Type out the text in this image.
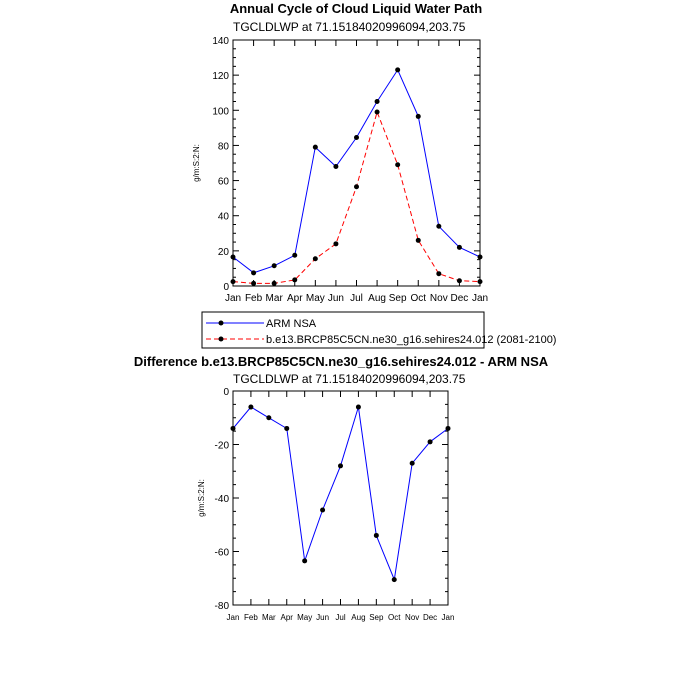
Annual Cycle of Cloud Liquid Water Path
TGCLDLWP at 71.15184020996094,203.75
g/m:S:2:N:
0
20
40
60
80
100
120
140
Jan Feb Mar Apr May Jun Jul Aug Sep Oct Nov Dec Jan
ARM NSA
b.e13.BRCP85C5CN.ne30_g16.sehires24.012 (2081-2100)
Difference b.e13.BRCP85C5CN.ne30_g16.sehires24.012 - ARM NSA
TGCLDLWP at 71.15184020996094,203.75
g/m:S:2:N:
-80
-60
-40
-20
0
Jan Feb Mar Apr May Jun Jul Aug Sep Oct Nov Dec Jan
